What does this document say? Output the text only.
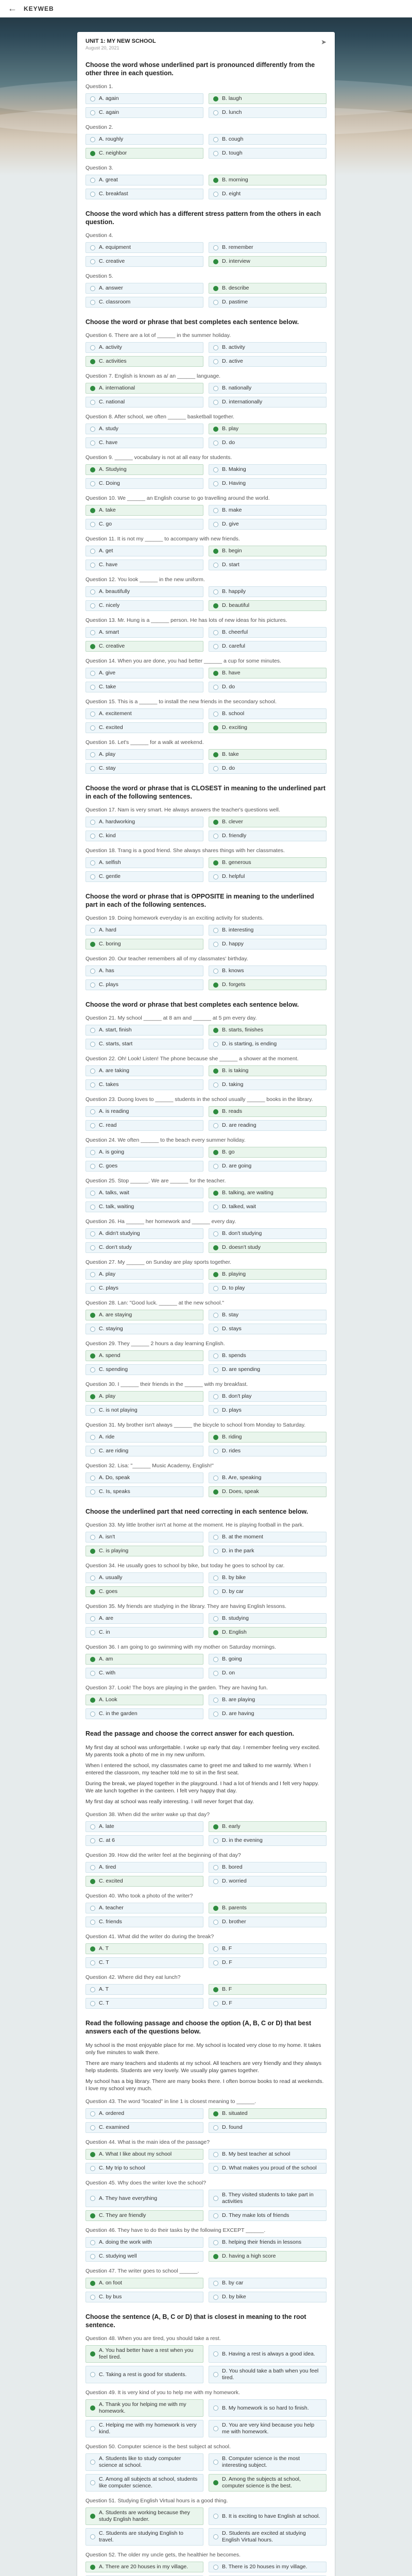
← KEYWEB
UNIT 1: MY NEW SCHOOL
August 20, 2021
➤
Choose the word whose underlined part is pronounced differently from the other three in each question.
Question 1.
A. again	B. laugh
C. again	D. lunch
Question 2.
A. roughly	B. cough
C. neighbor	D. tough
Question 3.
A. great	B. morning
C. breakfast	D. eight
Choose the word which has a different stress pattern from the others in each question.
Question 4.
A. equipment	B. remember
C. creative	D. interview
Question 5.
A. answer	B. describe
C. classroom	D. pastime
Choose the word or phrase that best completes each sentence below.
Question 6. There are a lot of ______ in the summer holiday.
A. activity	B. activity
C. activities	D. active
Question 7. English is known as a/ an ______ language.
A. international	B. nationally
C. national	D. internationally
Question 8. After school, we often ______ basketball together.
A. study	B. play
C. have	D. do
Question 9. ______ vocabulary is not at all easy for students.
A. Studying	B. Making
C. Doing	D. Having
Question 10. We ______ an English course to go travelling around the world.
A. take	B. make
C. go	D. give
Question 11. It is not my ______ to accompany with new friends.
A. get	B. begin
C. have	D. start
Question 12. You look ______ in the new uniform.
A. beautifully	B. happily
C. nicely	D. beautiful
Question 13. Mr. Hung is a ______ person. He has lots of new ideas for his pictures.
A. smart	B. cheerful
C. creative	D. careful
Question 14. When you are done, you had better ______ a cup for some minutes.
A. give	B. have
C. take	D. do
Question 15. This is a ______ to install the new friends in the secondary school.
A. excitement	B. school
C. excited	D. exciting
Question 16. Let's ______ for a walk at weekend.
A. play	B. take
C. stay	D. do
Choose the word or phrase that is CLOSEST in meaning to the underlined part in each of the following sentences.
Question 17. Nam is very smart. He always answers the teacher's questions well.
A. hardworking	B. clever
C. kind	D. friendly
Question 18. Trang is a good friend. She always shares things with her classmates.
A. selfish	B. generous
C. gentle	D. helpful
Choose the word or phrase that is OPPOSITE in meaning to the underlined part in each of the following sentences.
Question 19. Doing homework everyday is an exciting activity for students.
A. hard	B. interesting
C. boring	D. happy
Question 20. Our teacher remembers all of my classmates' birthday.
A. has	B. knows
C. plays	D. forgets
Choose the word or phrase that best completes each sentence below.
Question 21. My school ______ at 8 am and ______ at 5 pm every day.
A. start, finish	B. starts, finishes
C. starts, start	D. is starting, is ending
Question 22. Oh! Look! Listen! The phone because she ______ a shower at the moment.
A. are taking	B. is taking
C. takes	D. taking
Question 23. Duong loves to ______ students in the school usually ______ books in the library.
A. is reading	B. reads
C. read	D. are reading
Question 24. We often ______ to the beach every summer holiday.
A. is going	B. go
C. goes	D. are going
Question 25. Stop ______. We are ______ for the teacher.
A. talks, wait	B. talking, are waiting
C. talk, waiting	D. talked, wait
Question 26. Ha ______ her homework and ______ every day.
A. didn't studying	B. don't studying
C. don't study	D. doesn't study
Question 27. My ______ on Sunday are play sports together.
A. play	B. playing
C. plays	D. to play
Question 28. Lan: "Good luck. ______ at the new school."
A. are staying	B. stay
C. staying	D. stays
Question 29. They ______ 2 hours a day learning English.
A. spend	B. spends
C. spending	D. are spending
Question 30. I ______ their friends in the ______ with my breakfast.
A. play	B. don't play
C. is not playing	D. plays
Question 31. My brother isn't always ______ the bicycle to school from Monday to Saturday.
A. ride	B. riding
C. are riding	D. rides
Question 32. Lisa: "______ Music Academy, English!"
A. Do, speak	B. Are, speaking
C. Is, speaks	D. Does, speak
Choose the underlined part that need correcting in each sentence below.
Question 33. My little brother isn't at home at the moment. He is playing football in the park.
A. isn't	B. at the moment
C. is playing	D. in the park
Question 34. He usually goes to school by bike, but today he goes to school by car.
A. usually	B. by bike
C. goes	D. by car
Question 35. My friends are studying in the library. They are having English lessons.
A. are	B. studying
C. in	D. English
Question 36. I am going to go swimming with my mother on Saturday mornings.
A. am	B. going
C. with	D. on
Question 37. Look! The boys are playing in the garden. They are having fun.
A. Look	B. are playing
C. in the garden	D. are having
Read the passage and choose the correct answer for each question.

My first day at school was unforgettable. I woke up early that day. I remember feeling very excited. My parents took a photo of me in my new uniform.

When I entered the school, my classmates came to greet me and talked to me warmly. When I entered the classroom, my teacher told me to sit in the first seat.

During the break, we played together in the playground. I had a lot of friends and I felt very happy. We ate lunch together in the canteen. I felt very happy that day.

My first day at school was really interesting. I will never forget that day.

Question 38. When did the writer wake up that day?
A. late	B. early
C. at 6	D. in the evening
Question 39. How did the writer feel at the beginning of that day?
A. tired	B. bored
C. excited	D. worried
Question 40. Who took a photo of the writer?
A. teacher	B. parents
C. friends	D. brother
Question 41. What did the writer do during the break?
A. T	B. F
C. T	D. F
Question 42. Where did they eat lunch?
A. T	B. F
C. T	D. F
Read the following passage and choose the option (A, B, C or D) that best answers each of the questions below.

My school is the most enjoyable place for me. My school is located very close to my home. It takes only five minutes to walk there.

There are many teachers and students at my school. All teachers are very friendly and they always help students. Students are very lovely. We usually play games together.

My school has a big library. There are many books there. I often borrow books to read at weekends. I love my school very much.

Question 43. The word "located" in line 1 is closest meaning to ______.
A. ordered	B. situated
C. examined	D. found
Question 44. What is the main idea of the passage?
A. What I like about my school	B. My best teacher at school
C. My trip to school	D. What makes you proud of the school
Question 45. Why does the writer love the school?
A. They have everything
B. They visited students to take part in activities
C. They are friendly	D. They make lots of friends
Question 46. They have to do their tasks by the following EXCEPT ______.
A. doing the work with	B. helping their friends in lessons
C. studying well	D. having a high score
Question 47. The writer goes to school ______.
A. on foot	B. by car
C. by bus	D. by bike
Choose the sentence (A, B, C or D) that is closest in meaning to the root sentence.
Question 48. When you are tired, you should take a rest.
A. You had better have a rest when you feel tired.
B. Having a rest is always a good idea.
C. Taking a rest is good for students.
D. You should take a bath when you feel tired.
Question 49. It is very kind of you to help me with my homework.
A. Thank you for helping me with my homework.
B. My homework is so hard to finish.
C. Helping me with my homework is very kind.
D. You are very kind because you help me with homework.
Question 50. Computer science is the best subject at school.
A. Students like to study computer science at school.
B. Computer science is the most interesting subject.
C. Among all subjects at school, students like computer science.
D. Among the subjects at school, computer science is the best.
Question 51. Studying English Virtual hours is a good thing.
A. Students are working because they study English harder.
B. It is exciting to have English at school.
C. Students are studying English to travel.
D. Students are excited at studying English Virtual hours.
Question 52. The older my uncle gets, the healthier he becomes.
A. There are 20 houses in my village.	B. There is 20 houses in my village.
